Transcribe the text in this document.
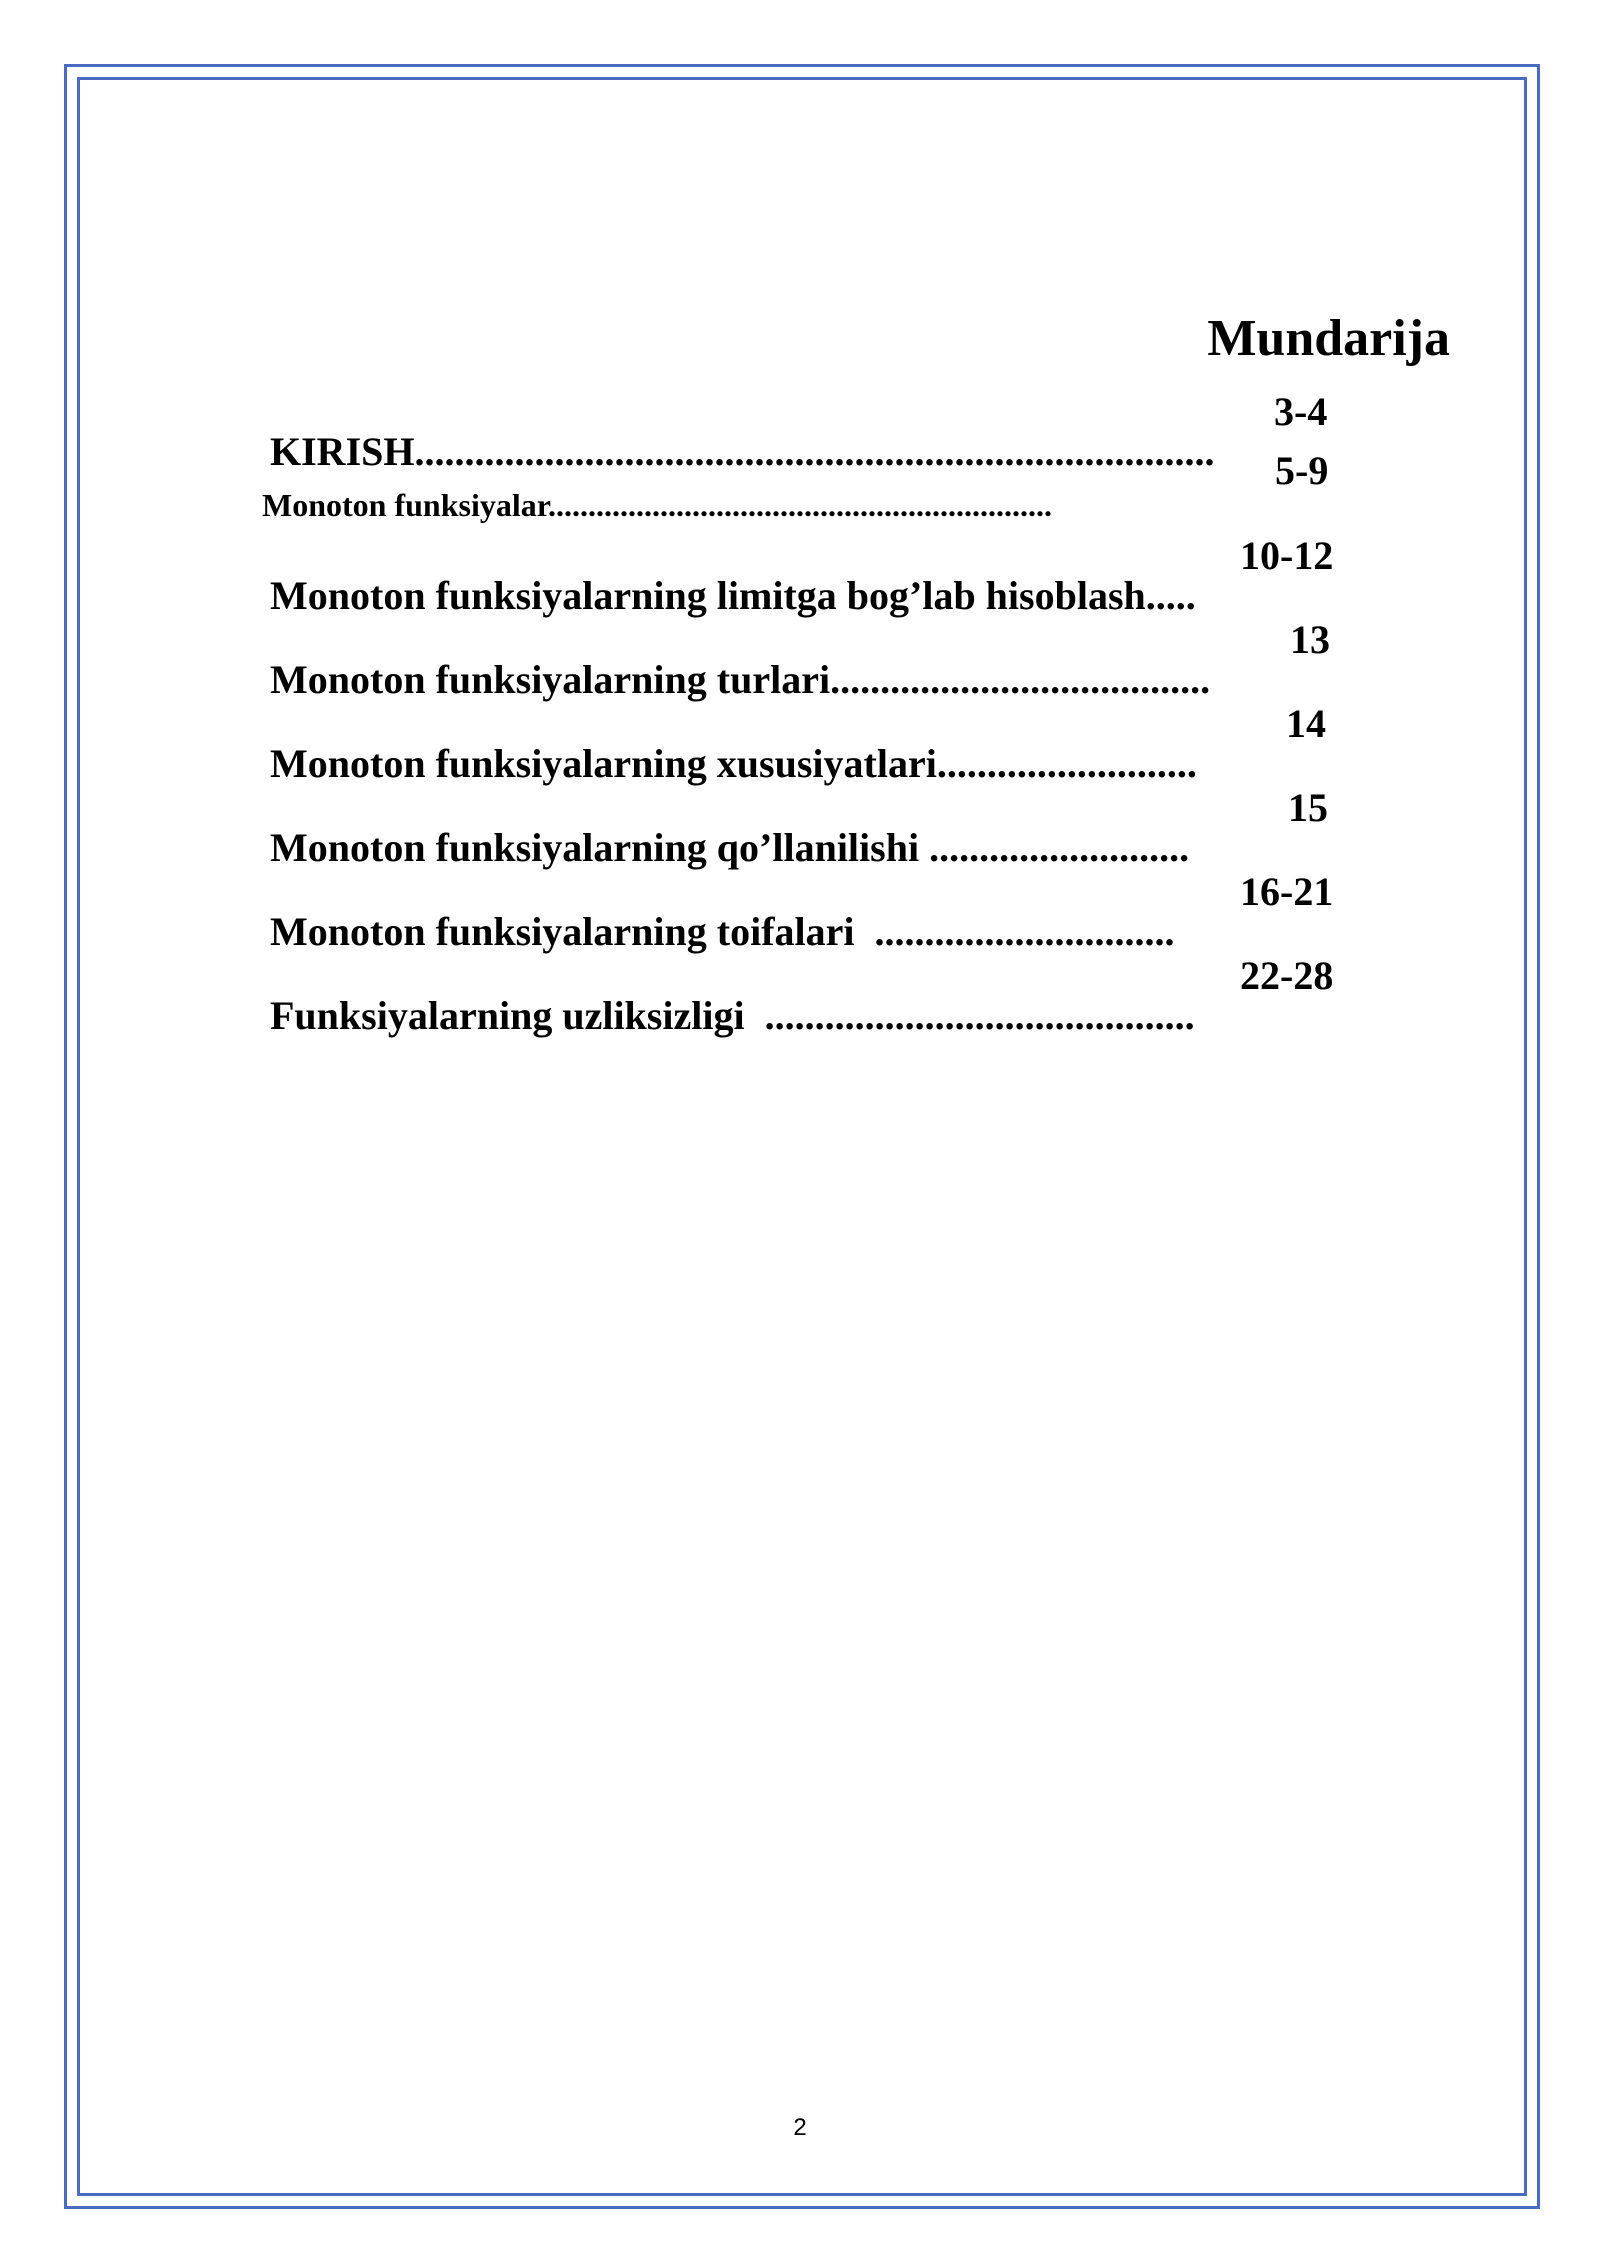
Mundarija

KIRISH................................................................................

3-4

Monoton funksiyalar...............................................................

5-9

Monoton funksiyalarning limitga bog’lab hisoblash.....

10-12

Monoton funksiyalarning turlari......................................

13

Monoton funksiyalarning xususiyatlari..........................

14

Monoton funksiyalarning qo’llanilishi ..........................

15

Monoton funksiyalarning toifalari  ..............................

16-21

Funksiyalarning uzliksizligi  ...........................................

22-28

2
